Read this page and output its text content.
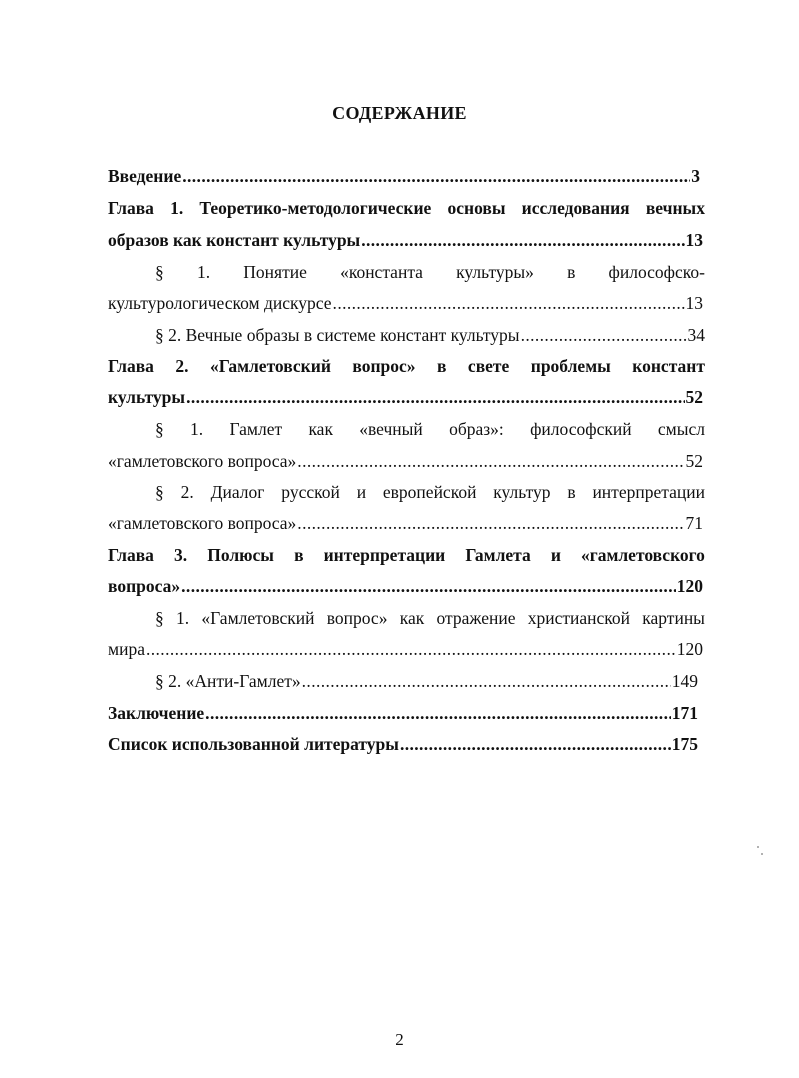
СОДЕРЖАНИЕ
Введение .....	3
Глава 1. Теоретико-методологические основы исследования вечных
образов как констант культуры .....	13
§ 1. Понятие «константа культуры» в философско-
культурологическом дискурсе .....	13
§ 2. Вечные образы в системе констант культуры .....	34
Глава 2. «Гамлетовский вопрос» в свете проблемы констант
культуры .....	52
§ 1. Гамлет как «вечный образ»: философский смысл
«гамлетовского вопроса» .....	52
§ 2. Диалог русской и европейской культур в интерпретации
«гамлетовского вопроса» .....	71
Глава 3. Полюсы в интерпретации Гамлета и «гамлетовского
вопроса» .....	120
§ 1. «Гамлетовский вопрос» как отражение христианской картины
мира .....	120
§ 2. «Анти-Гамлет» .....	149
Заключение .....	171
Список использованной литературы .....	175
2
